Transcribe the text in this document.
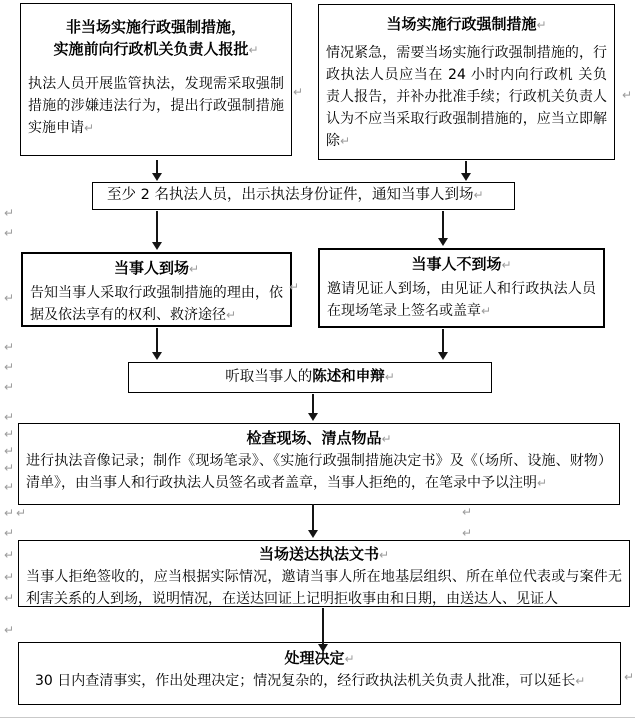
非当场实施行政强制措施，
实施前向行政机关负责人报批↵
执法人员开展监管执法，发现需采取强制措施的涉嫌违法行为，提出行政强制措施实施申请↵
当场实施行政强制措施↵
情况紧急，需要当场实施行政强制措施的，行政执法人员应当在 24 小时内向行政机 关负责人报告，并补办批准手续；行政机关负责人认为不应当采取行政强制措施的，应当立即解除↵
至少 2 名执法人员，出示执法身份证件，通知当事人到场↵
当事人到场↵
告知当事人采取行政强制措施的理由，依据及依法享有的权利、救济途径↵
当事人不到场↵
邀请见证人到场，由见证人和行政执法人员在现场笔录上签名或盖章↵
听取当事人的陈述和申辩↵
检查现场、清点物品↵
进行执法音像记录；制作《现场笔录》、《实施行政强制措施决定书》及《（场所、设施、财物）清单》，由当事人和行政执法人员签名或者盖章，当事人拒绝的，在笔录中予以注明↵
当场送达执法文书↵
当事人拒绝签收的，应当根据实际情况，邀请当事人所在地基层组织、所在单位代表或与案件无利害关系的人到场，说明情况，在送达回证上记明拒收事由和日期，由送达人、见证人
处理决定↵
30 日内查清事实，作出处理决定；情况复杂的，经行政执法机关负责人批准，可以延长↵
↵	↵
↵
↵
↵
↵
↵
↵
↵
↵
↵
↵
↵
↵
↵ ↵
↵
↵
↵
↵
↵
↵
↵
↵
